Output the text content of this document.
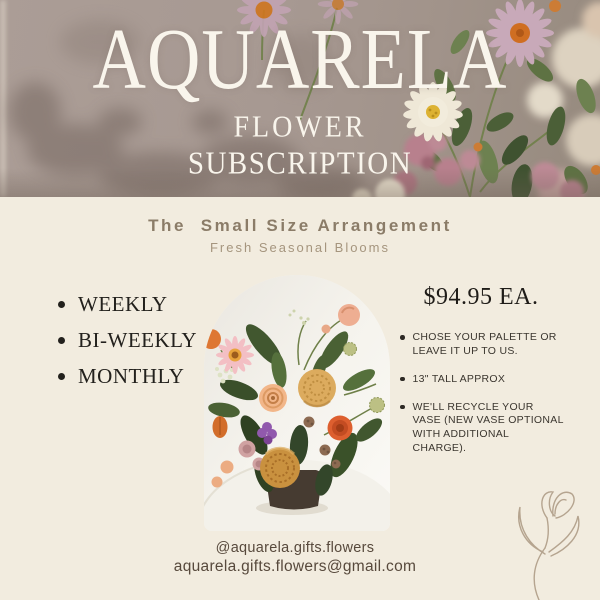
AQUARELA
FLOWER
SUBSCRIPTION
The  Small Size Arrangement
Fresh Seasonal Blooms
WEEKLY
BI-WEEKLY
MONTHLY
$94.95 EA.
CHOSE YOUR PALETTE OR LEAVE IT UP TO US.
13" TALL APPROX
WE'LL RECYCLE YOUR VASE (NEW VASE OPTIONAL WITH ADDITIONAL CHARGE).
@aquarela.gifts.flowers
aquarela.gifts.flowers@gmail.com
